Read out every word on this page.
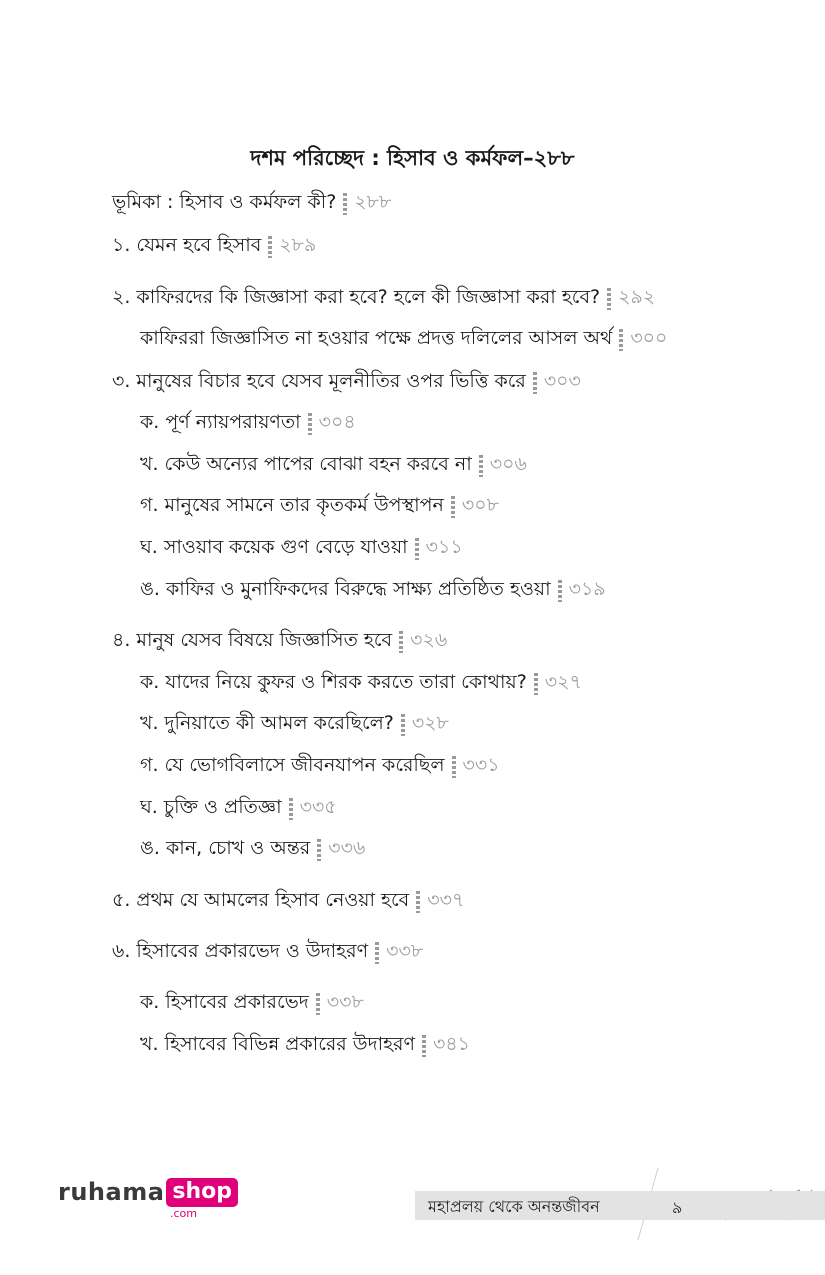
দশম পরিচ্ছেদ : হিসাব ও কর্মফল–২৮৮
ভূমিকা : হিসাব ও কর্মফল কী? ২৮৮
১. যেমন হবে হিসাব ২৮৯
২. কাফিরদের কি জিজ্ঞাসা করা হবে? হলে কী জিজ্ঞাসা করা হবে? ২৯২
কাফিররা জিজ্ঞাসিত না হওয়ার পক্ষে প্রদত্ত দলিলের আসল অর্থ ৩০০
৩. মানুষের বিচার হবে যেসব মূলনীতির ওপর ভিত্তি করে ৩০৩
ক. পূর্ণ ন্যায়পরায়ণতা ৩০৪
খ. কেউ অন্যের পাপের বোঝা বহন করবে না ৩০৬
গ. মানুষের সামনে তার কৃতকর্ম উপস্থাপন ৩০৮
ঘ. সাওয়াব কয়েক গুণ বেড়ে যাওয়া ৩১১
ঙ. কাফির ও মুনাফিকদের বিরুদ্ধে সাক্ষ্য প্রতিষ্ঠিত হওয়া ৩১৯
৪. মানুষ যেসব বিষয়ে জিজ্ঞাসিত হবে ৩২৬
ক. যাদের নিয়ে কুফর ও শিরক করতে তারা কোথায়? ৩২৭
খ. দুনিয়াতে কী আমল করেছিলে? ৩২৮
গ. যে ভোগবিলাসে জীবনযাপন করেছিল ৩৩১
ঘ. চুক্তি ও প্রতিজ্ঞা ৩৩৫
ঙ. কান, চোখ ও অন্তর ৩৩৬
৫. প্রথম যে আমলের হিসাব নেওয়া হবে ৩৩৭
৬. হিসাবের প্রকারভেদ ও উদাহরণ ৩৩৮
ক. হিসাবের প্রকারভেদ ৩৩৮
খ. হিসাবের বিভিন্ন প্রকারের উদাহরণ ৩৪১
ruhama shop
.com	মহাপ্রলয় থেকে অনন্তজীবন	৯
